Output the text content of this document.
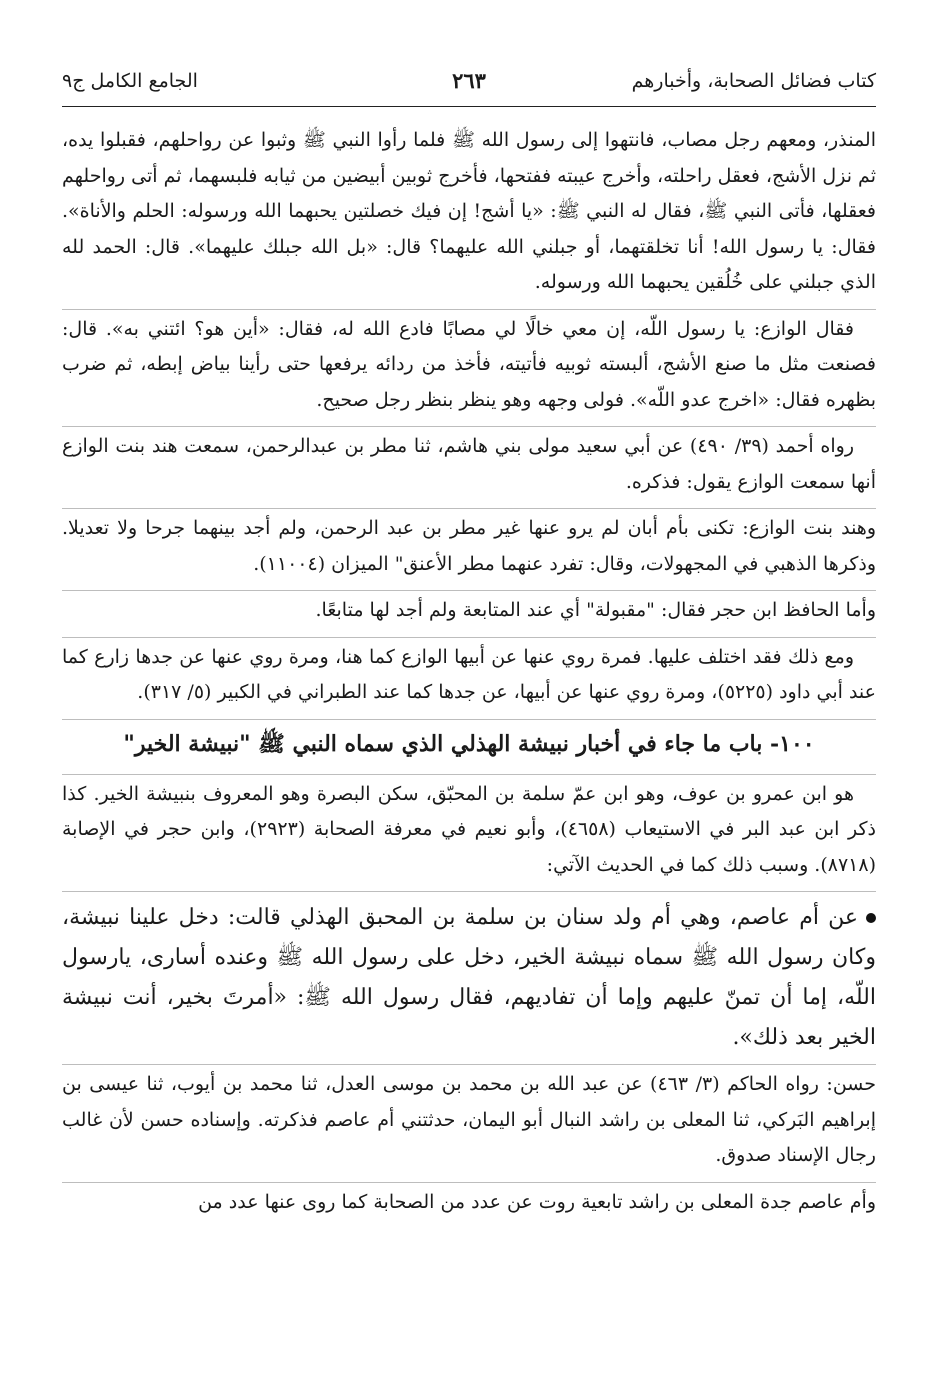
كتاب فضائل الصحابة، وأخبارهم
٢٦٣
الجامع الكامل ج٩

المنذر، ومعهم رجل مصاب، فانتهوا إلى رسول الله ﷺ فلما رأوا النبي ﷺ وثبوا عن رواحلهم، فقبلوا يده، ثم نزل الأشج، فعقل راحلته، وأخرج عيبته ففتحها، فأخرج ثوبين أبيضين من ثيابه فلبسهما، ثم أتى رواحلهم فعقلها، فأتى النبي ﷺ، فقال له النبي ﷺ: «يا أشج! إن فيك خصلتين يحبهما الله ورسوله: الحلم والأناة». فقال: يا رسول الله! أنا تخلقتهما، أو جبلني الله عليهما؟ قال: «بل الله جبلك عليهما». قال: الحمد لله الذي جبلني على خُلُقين يحبهما الله ورسوله.

فقال الوازع: يا رسول اللّه، إن معي خالًا لي مصابًا فادع الله له، فقال: «أين هو؟ ائتني به». قال: فصنعت مثل ما صنع الأشج، ألبسته ثوبيه فأتيته، فأخذ من ردائه يرفعها حتى رأينا بياض إبطه، ثم ضرب بظهره فقال: «اخرج عدو اللّه». فولى وجهه وهو ينظر بنظر رجل صحيح.

رواه أحمد (٣٩/ ٤٩٠) عن أبي سعيد مولى بني هاشم، ثنا مطر بن عبدالرحمن، سمعت هند بنت الوازع أنها سمعت الوازع يقول: فذكره.

وهند بنت الوازع: تكنى بأم أبان لم يرو عنها غير مطر بن عبد الرحمن، ولم أجد بينهما جرحا ولا تعديلا. وذكرها الذهبي في المجهولات، وقال: تفرد عنهما مطر الأعنق" الميزان (١١٠٠٤).

وأما الحافظ ابن حجر فقال: "مقبولة" أي عند المتابعة ولم أجد لها متابعًا.

ومع ذلك فقد اختلف عليها. فمرة روي عنها عن أبيها الوازع كما هنا، ومرة روي عنها عن جدها زارع كما عند أبي داود (٥٢٢٥)، ومرة روي عنها عن أبيها، عن جدها كما عند الطبراني في الكبير (٥/ ٣١٧).

١٠٠- باب ما جاء في أخبار نبيشة الهذلي الذي سماه النبي ﷺ "نبيشة الخير"

هو ابن عمرو بن عوف، وهو ابن عمّ سلمة بن المحبّق، سكن البصرة وهو المعروف بنبيشة الخير. كذا ذكر ابن عبد البر في الاستيعاب (٤٦٥٨)، وأبو نعيم في معرفة الصحابة (٢٩٢٣)، وابن حجر في الإصابة (٨٧١٨). وسبب ذلك كما في الحديث الآتي:

عن أم عاصم، وهي أم ولد سنان بن سلمة بن المحبق الهذلي قالت: دخل علينا نبيشة، وكان رسول الله ﷺ سماه نبيشة الخير، دخل على رسول الله ﷺ وعنده أسارى، يارسول اللّه، إما أن تمنّ عليهم وإما أن تفاديهم، فقال رسول الله ﷺ: «أمرتَ بخير، أنت نبيشة الخير بعد ذلك».

حسن: رواه الحاكم (٣/ ٤٦٣) عن عبد الله بن محمد بن موسى العدل، ثنا محمد بن أيوب، ثنا عيسى بن إبراهيم البَركي، ثنا المعلى بن راشد النبال أبو اليمان، حدثتني أم عاصم فذكرته. وإسناده حسن لأن غالب رجال الإسناد صدوق.

وأم عاصم جدة المعلى بن راشد تابعية روت عن عدد من الصحابة كما روى عنها عدد من
